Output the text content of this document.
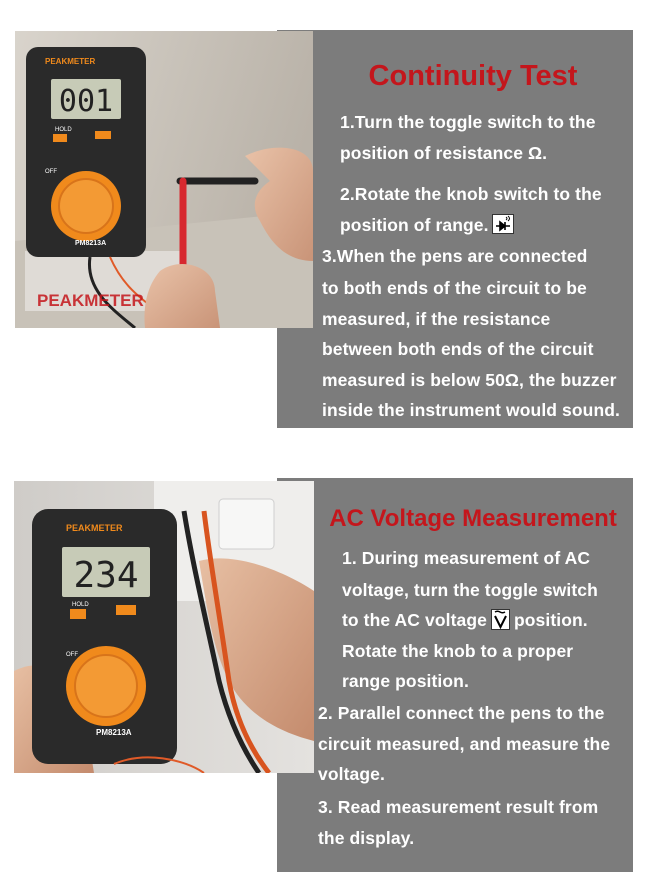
PEAKMETER
001
HOLD
OFF
PM8213A
PEAKMETER
Continuity Test
1.Turn the toggle switch to the
position of resistance Ω.
2.Rotate the knob switch to the
position of range.
3.When the pens are connected
to both ends of the circuit to be
measured, if the resistance
between both ends of the circuit
measured is below 50Ω, the buzzer
inside the instrument would sound.
PEAKMETER
234
HOLD
OFF
PM8213A
AC Voltage Measurement
1. During measurement of AC
voltage, turn the toggle switch
to the AC voltage position.
Rotate the knob to a proper
range position.
2. Parallel connect the pens to the
circuit measured, and measure the
voltage.
3. Read measurement result from
the display.
